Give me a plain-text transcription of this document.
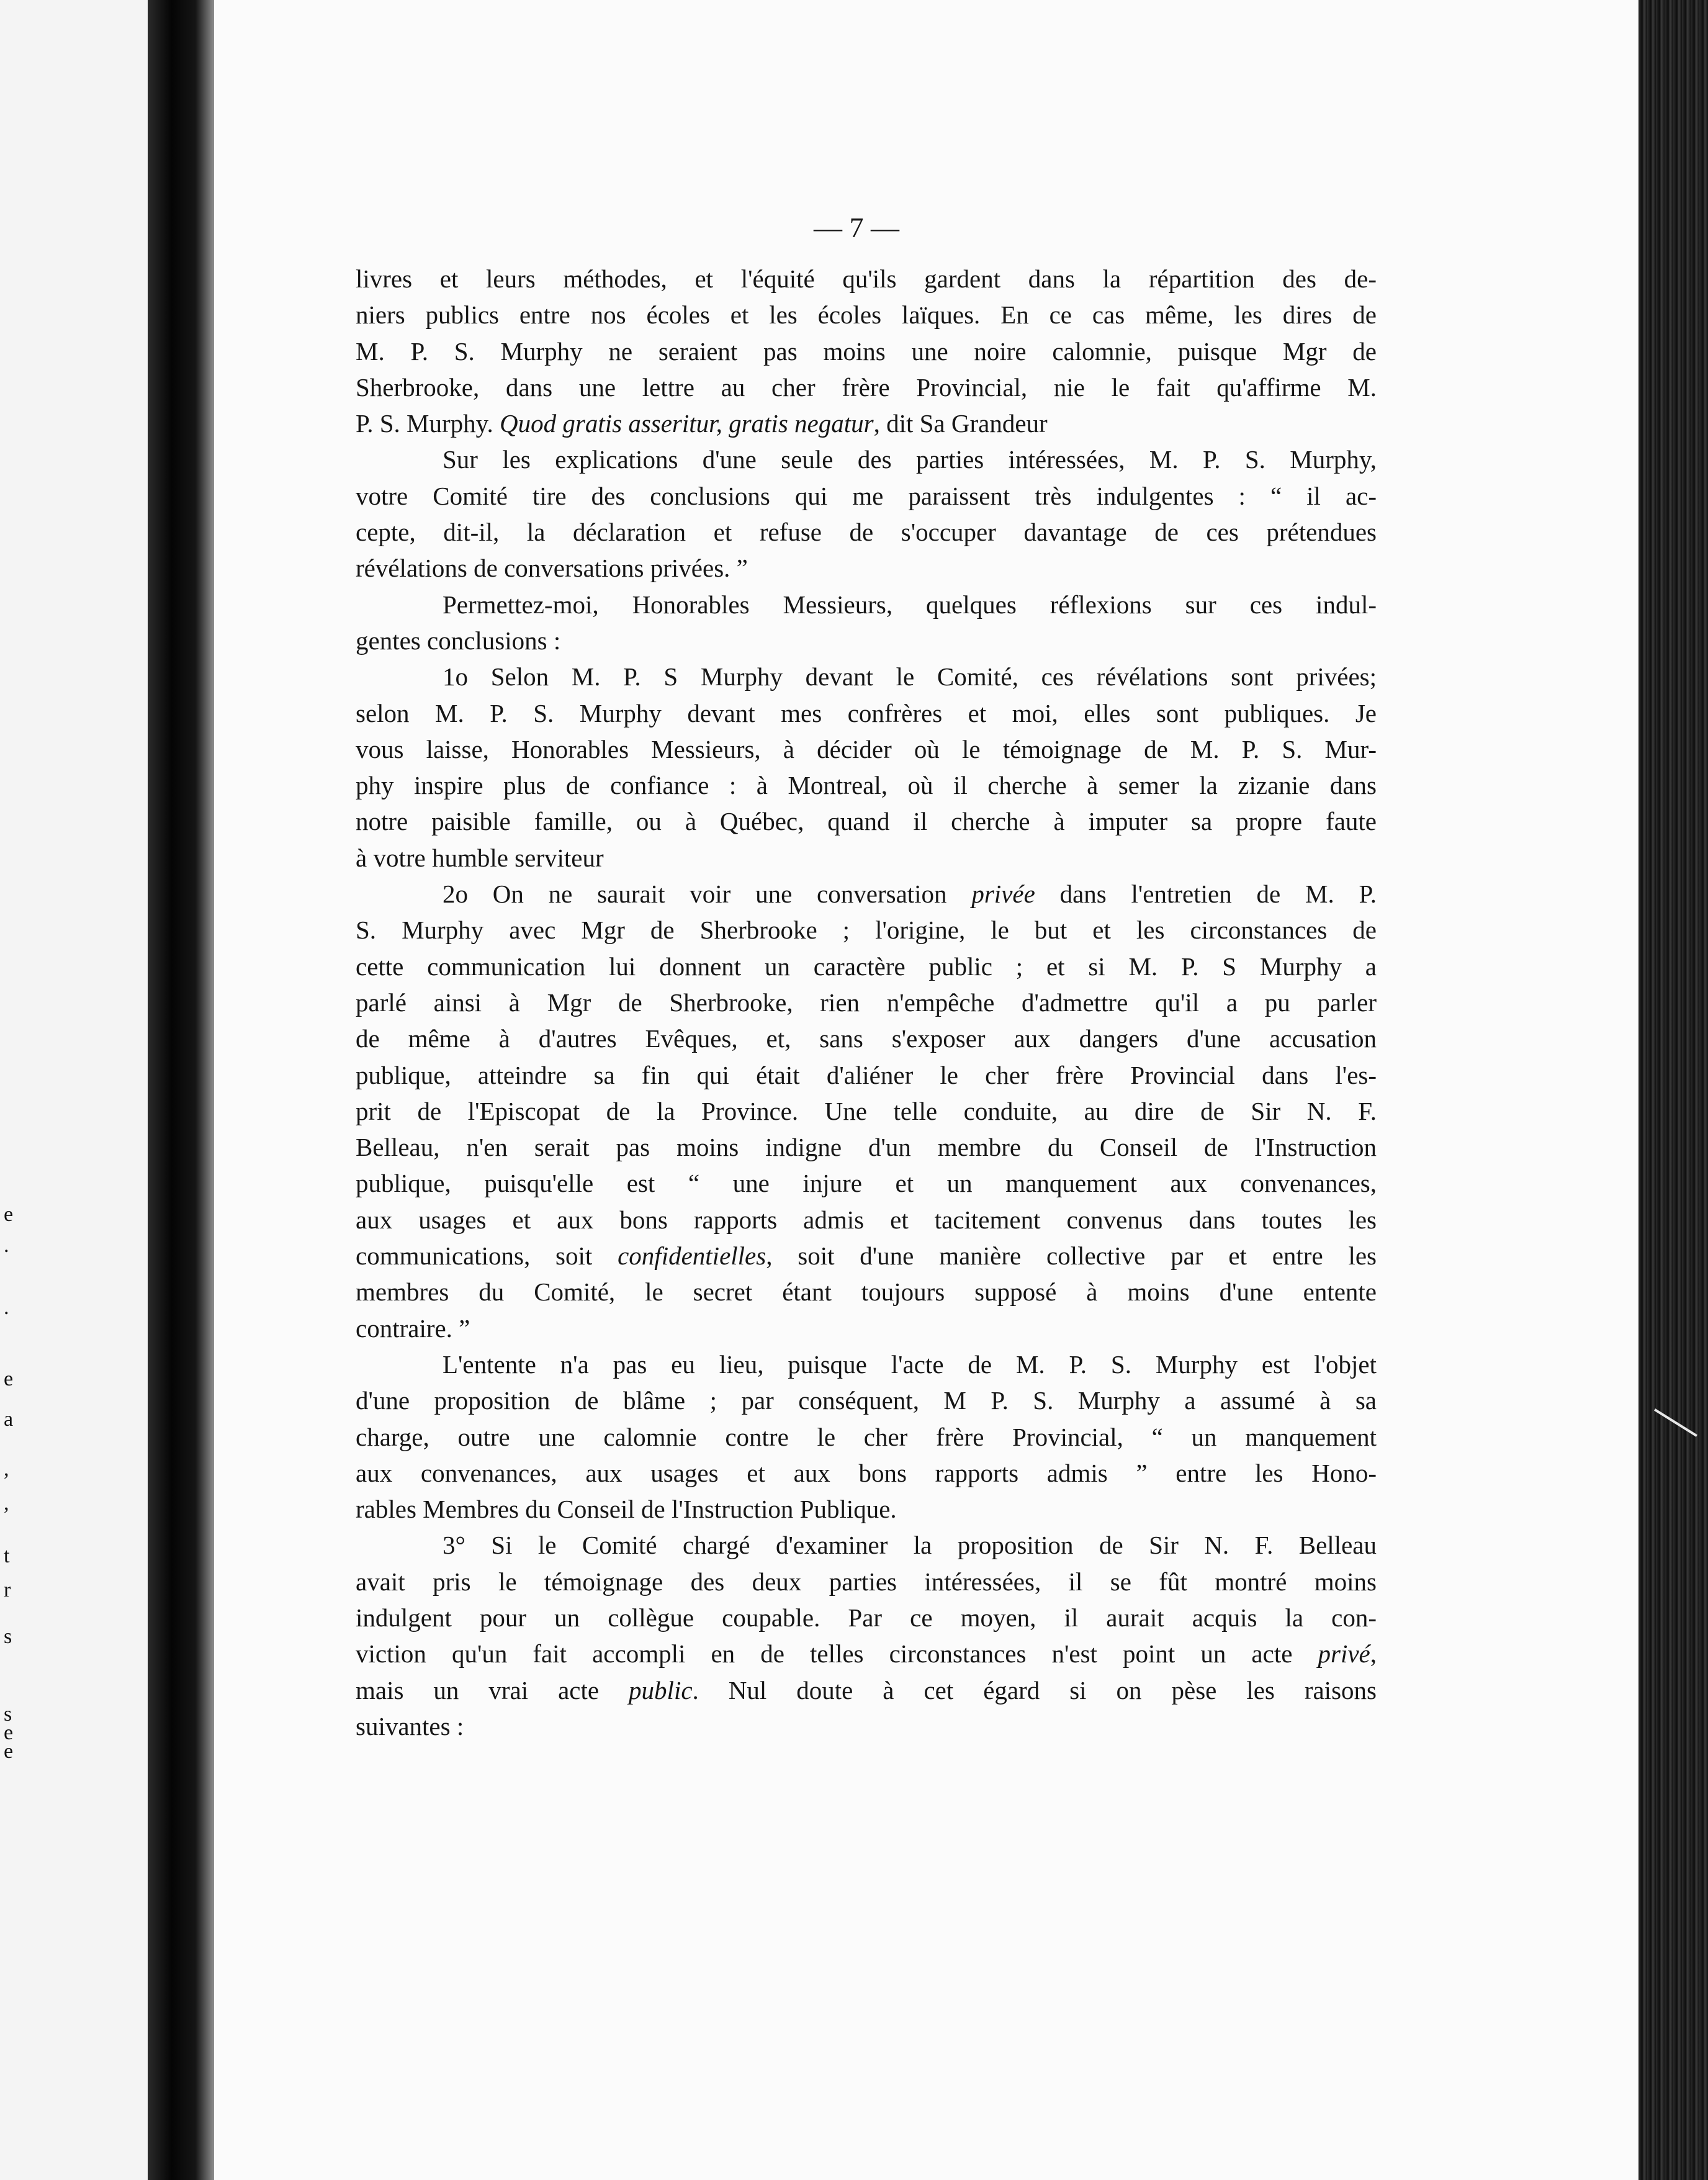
e
.
.
e
a
,
,
t
r
s
s
e
e
— 7 —
livres et leurs méthodes, et l'équité qu'ils gardent dans la répartition des de-
niers publics entre nos écoles et les écoles laïques. En ce cas même, les dires de
M. P. S. Murphy ne seraient pas moins une noire calomnie, puisque Mgr de
Sherbrooke, dans une lettre au cher frère Provincial, nie le fait qu'affirme M.
P. S. Murphy. Quod gratis asseritur, gratis negatur, dit Sa Grandeur
Sur les explications d'une seule des parties intéressées, M. P. S. Murphy,
votre Comité tire des conclusions qui me paraissent très indulgentes : “ il ac-
cepte, dit-il, la déclaration et refuse de s'occuper davantage de ces prétendues
révélations de conversations privées. ”
Permettez-moi, Honorables Messieurs, quelques réflexions sur ces indul-
gentes conclusions :
1o Selon M. P. S Murphy devant le Comité, ces révélations sont privées;
selon M. P. S. Murphy devant mes confrères et moi, elles sont publiques. Je
vous laisse, Honorables Messieurs, à décider où le témoignage de M. P. S. Mur-
phy inspire plus de confiance : à Montreal, où il cherche à semer la zizanie dans
notre paisible famille, ou à Québec, quand il cherche à imputer sa propre faute
à votre humble serviteur
2o On ne saurait voir une conversation privée dans l'entretien de M. P.
S. Murphy avec Mgr de Sherbrooke ; l'origine, le but et les circonstances de
cette communication lui donnent un caractère public ; et si M. P. S Murphy a
parlé ainsi à Mgr de Sherbrooke, rien n'empêche d'admettre qu'il a pu parler
de même à d'autres Evêques, et, sans s'exposer aux dangers d'une accusation
publique, atteindre sa fin qui était d'aliéner le cher frère Provincial dans l'es-
prit de l'Episcopat de la Province. Une telle conduite, au dire de Sir N. F.
Belleau, n'en serait pas moins indigne d'un membre du Conseil de l'Instruction
publique, puisqu'elle est “ une injure et un manquement aux convenances,
aux usages et aux bons rapports admis et tacitement convenus dans toutes les
communications, soit confidentielles, soit d'une manière collective par et entre les
membres du Comité, le secret étant toujours supposé à moins d'une entente
contraire. ”
L'entente n'a pas eu lieu, puisque l'acte de M. P. S. Murphy est l'objet
d'une proposition de blâme ; par conséquent, M P. S. Murphy a assumé à sa
charge, outre une calomnie contre le cher frère Provincial, “ un manquement
aux convenances, aux usages et aux bons rapports admis ” entre les Hono-
rables Membres du Conseil de l'Instruction Publique.
3° Si le Comité chargé d'examiner la proposition de Sir N. F. Belleau
avait pris le témoignage des deux parties intéressées, il se fût montré moins
indulgent pour un collègue coupable. Par ce moyen, il aurait acquis la con-
viction qu'un fait accompli en de telles circonstances n'est point un acte privé,
mais un vrai acte public. Nul doute à cet égard si on pèse les raisons
suivantes :
